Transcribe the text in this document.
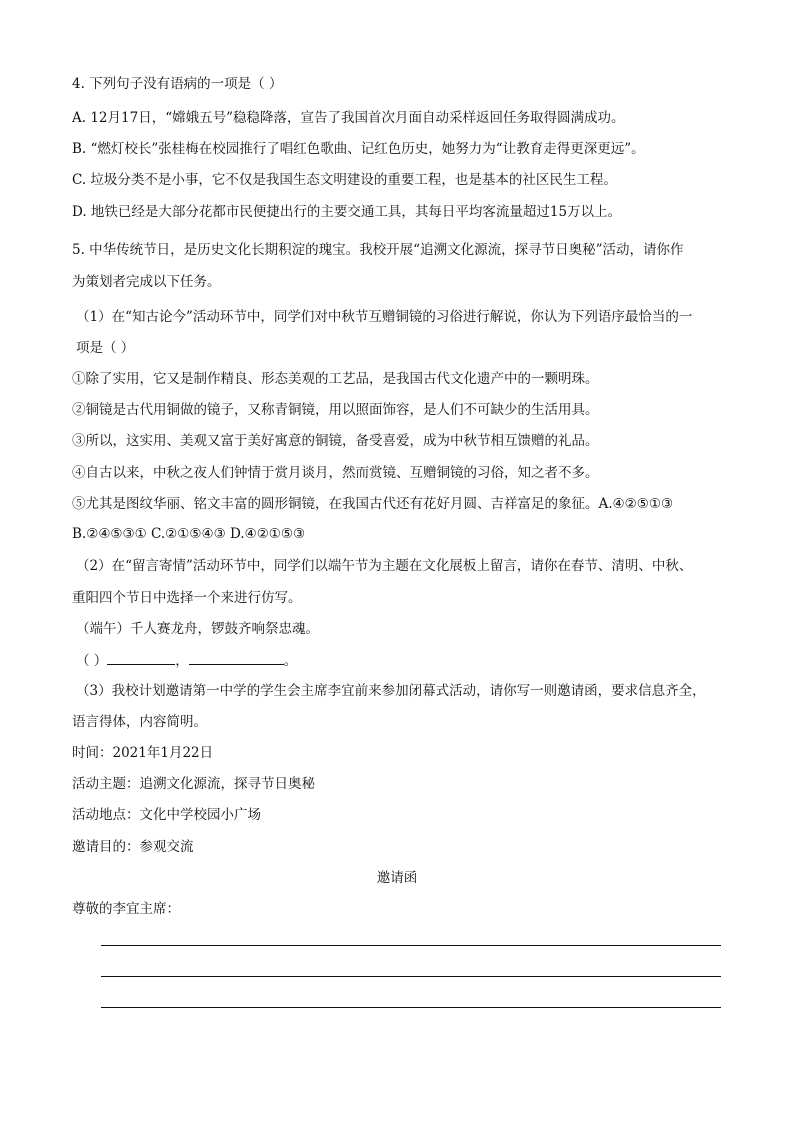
4. 下列句子没有语病的一项是（ ）
A. 12月17日，“嫦娥五号”稳稳降落，宣告了我国首次月面自动采样返回任务取得圆满成功。
B. “燃灯校长”张桂梅在校园推行了唱红色歌曲、记红色历史，她努力为“让教育走得更深更远”。
C. 垃圾分类不是小事，它不仅是我国生态文明建设的重要工程，也是基本的社区民生工程。
D. 地铁已经是大部分花都市民便捷出行的主要交通工具，其每日平均客流量超过15万以上。
5. 中华传统节日，是历史文化长期积淀的瑰宝。我校开展“追溯文化源流，探寻节日奥秘”活动，请你作
为策划者完成以下任务。
（1）在“知古论今”活动环节中，同学们对中秋节互赠铜镜的习俗进行解说，你认为下列语序最恰当的一
项是（ ）
①除了实用，它又是制作精良、形态美观的工艺品，是我国古代文化遗产中的一颗明珠。
②铜镜是古代用铜做的镜子，又称青铜镜，用以照面饰容，是人们不可缺少的生活用具。
③所以，这实用、美观又富于美好寓意的铜镜，备受喜爱，成为中秋节相互馈赠的礼品。
④自古以来，中秋之夜人们钟情于赏月谈月，然而赏镜、互赠铜镜的习俗，知之者不多。
⑤尤其是图纹华丽、铭文丰富的圆形铜镜，在我国古代还有花好月圆、吉祥富足的象征。A.④②⑤①③
B.②④⑤③① C.②①⑤④③ D.④②①⑤③
（2）在“留言寄情”活动环节中，同学们以端午节为主题在文化展板上留言，请你在春节、清明、中秋、
重阳四个节日中选择一个来进行仿写。
（端午）千人赛龙舟，锣鼓齐响祭忠魂。
（ ）	，	。
（3）我校计划邀请第一中学的学生会主席李宜前来参加闭幕式活动，请你写一则邀请函，要求信息齐全，
语言得体，内容简明。
时间：2021年1月22日
活动主题：追溯文化源流，探寻节日奥秘
活动地点：文化中学校园小广场
邀请目的：参观交流
邀请函
尊敬的李宜主席：
